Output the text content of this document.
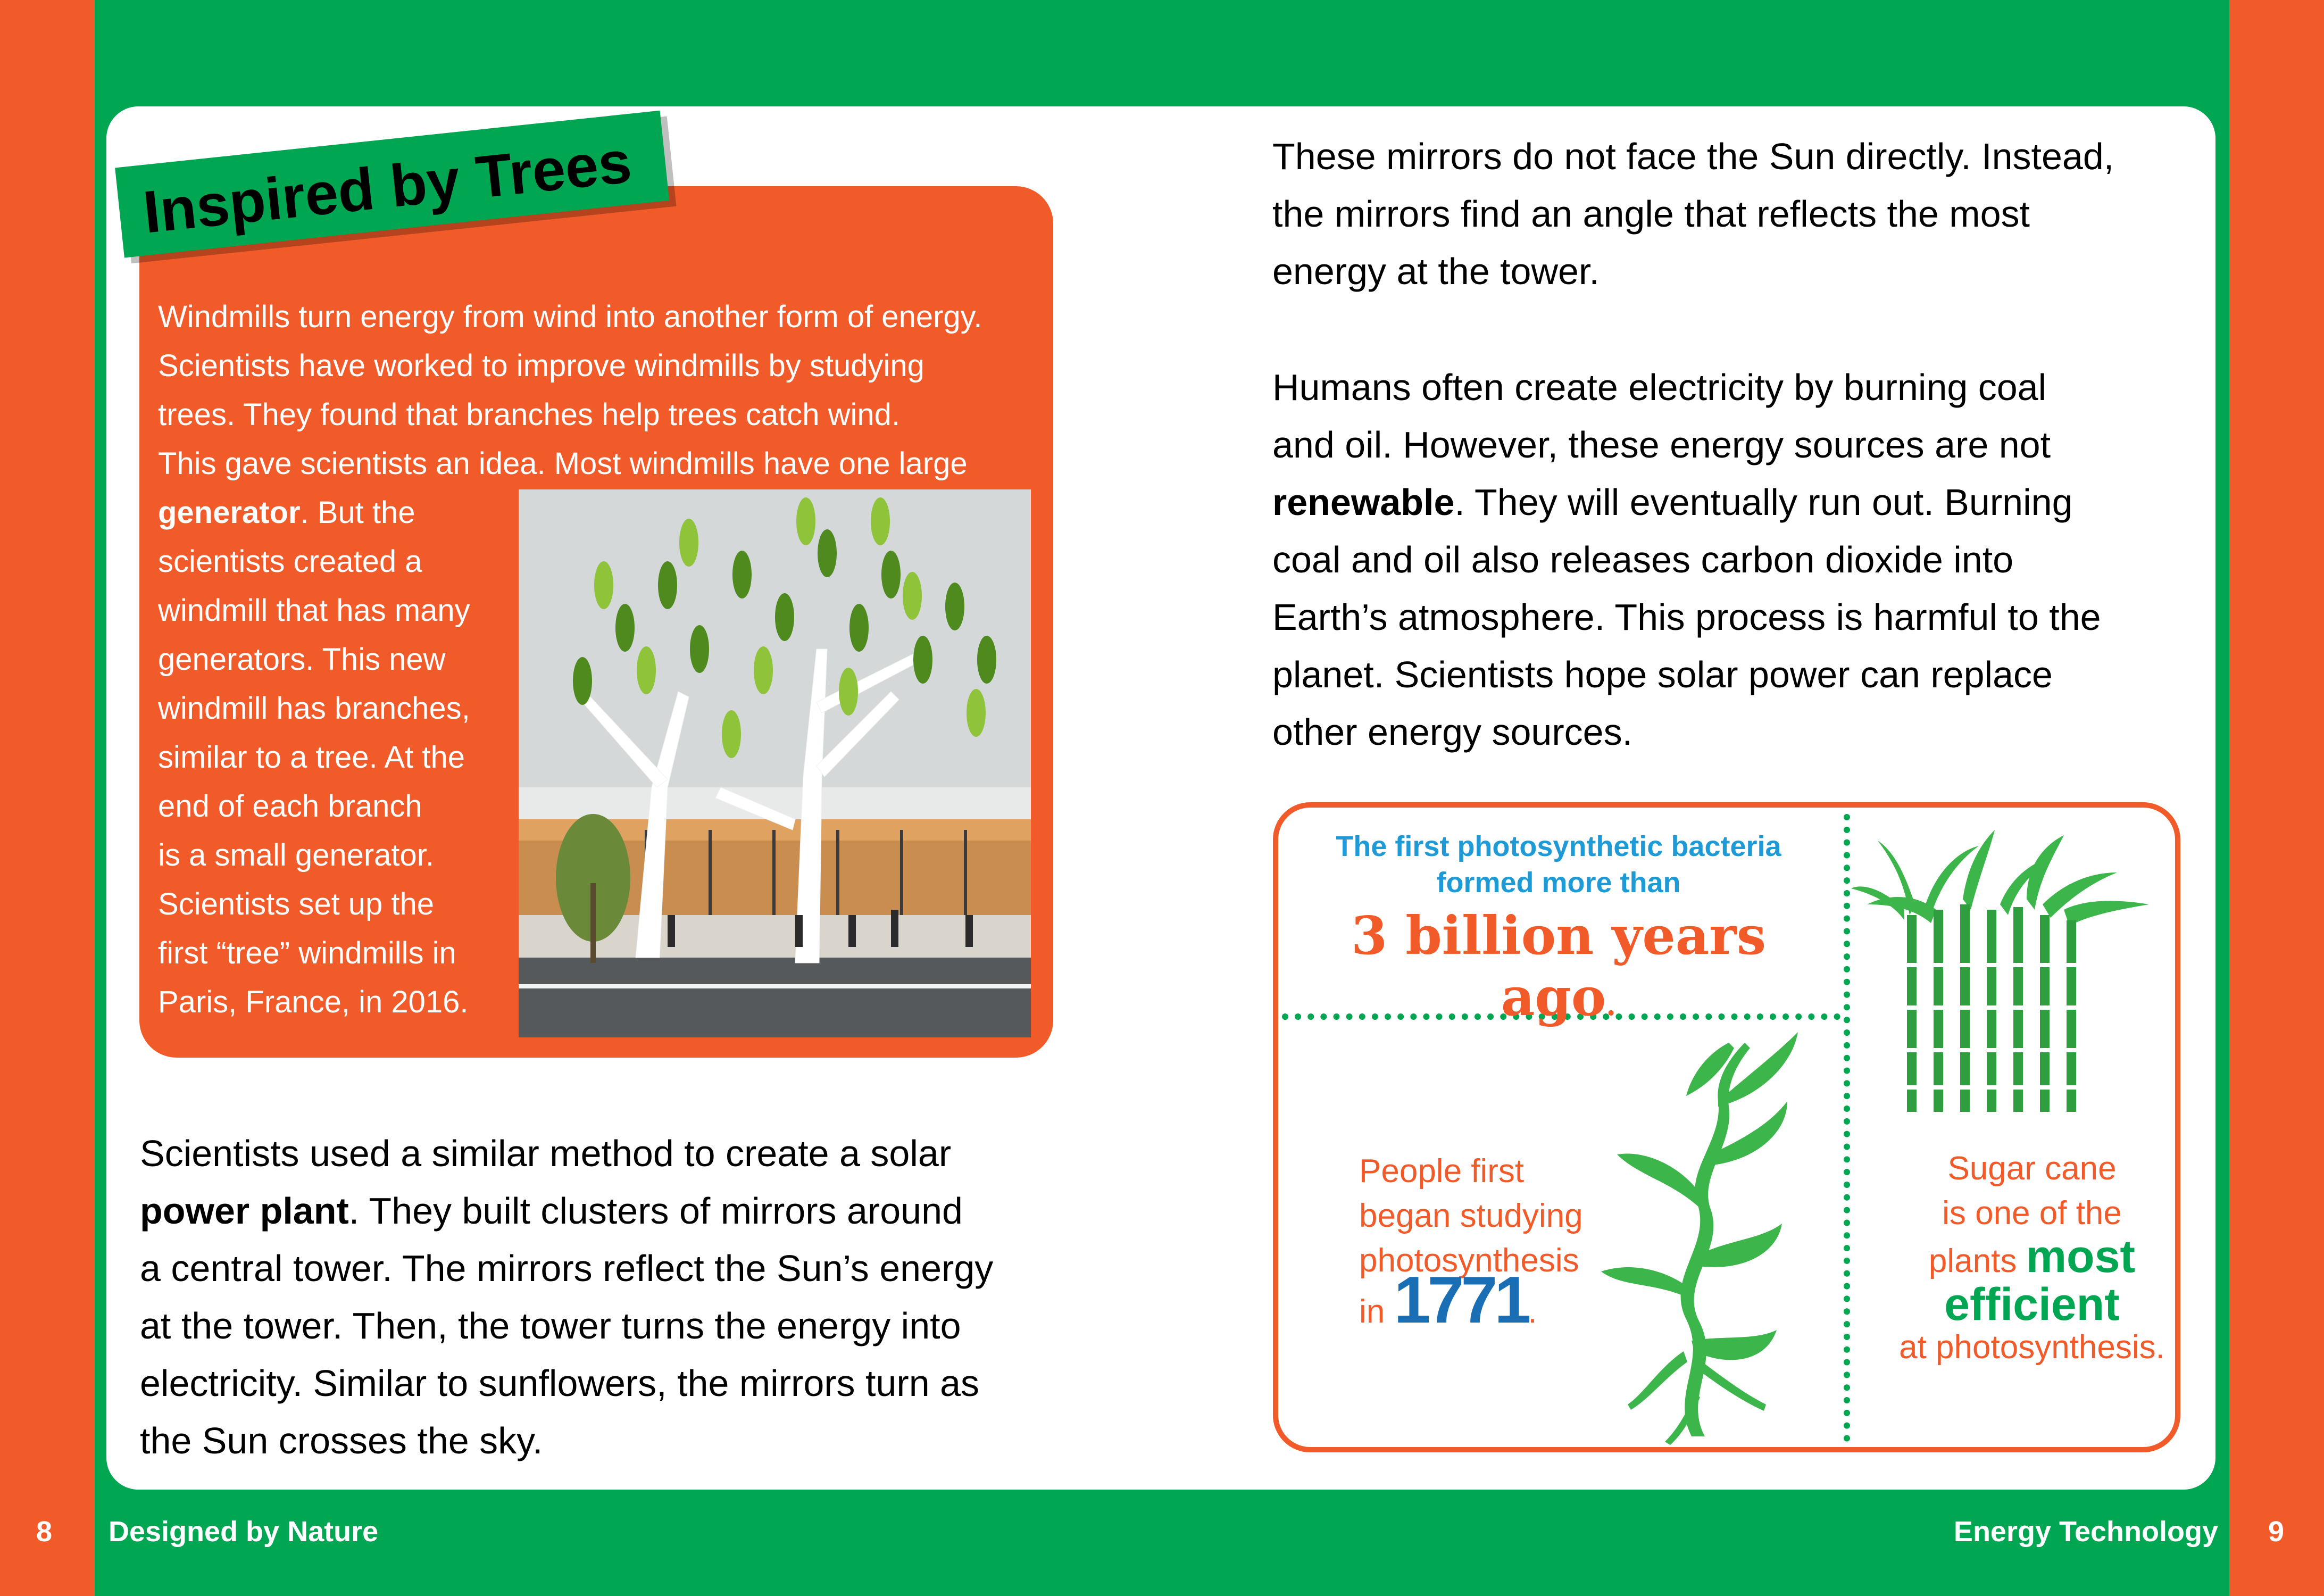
8 Designed by Nature	Energy Technology 9
Inspired by Trees
Windmills turn energy from wind into another form of energy.
Scientists have worked to improve windmills by studying
trees. They found that branches help trees catch wind.
This gave scientists an idea. Most windmills have one large
generator. But the
scientists created a
windmill that has many
generators. This new
windmill has branches,
similar to a tree. At the
end of each branch
is a small generator.
Scientists set up the
first “tree” windmills in
Paris, France, in 2016.
Scientists used a similar method to create a solar
power plant. They built clusters of mirrors around
a central tower. The mirrors reflect the Sun’s energy
at the tower. Then, the tower turns the energy into
electricity. Similar to sunflowers, the mirrors turn as
the Sun crosses the sky.
These mirrors do not face the Sun directly. Instead,
the mirrors find an angle that reflects the most
energy at the tower.
Humans often create electricity by burning coal
and oil. However, these energy sources are not
renewable. They will eventually run out. Burning
coal and oil also releases carbon dioxide into
Earth’s atmosphere. This process is harmful to the
planet. Scientists hope solar power can replace
other energy sources.
The first photosynthetic bacteria
formed more than
3 billion years ago.
People first
began studying
photosynthesis
in 1771.
Sugar cane
is one of the
plants most
efficient
at photosynthesis.
